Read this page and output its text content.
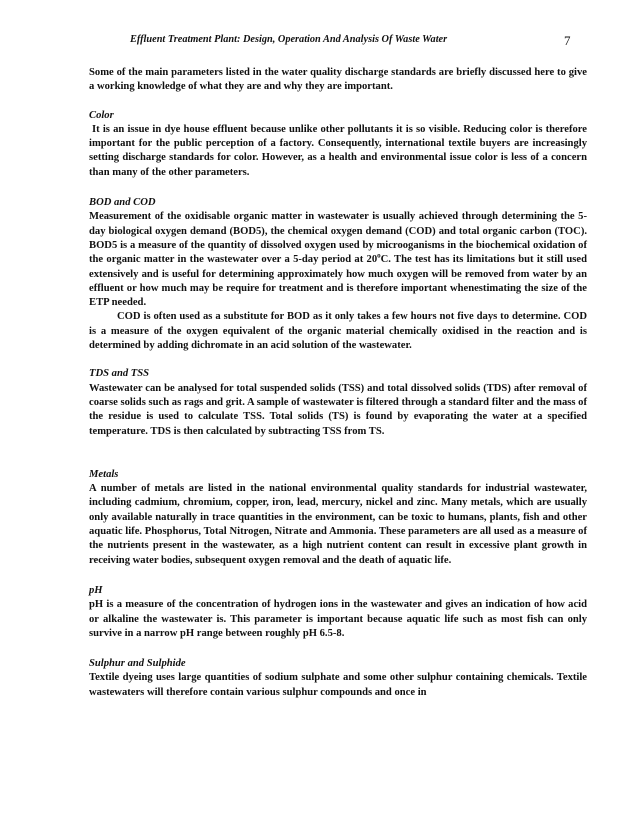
Effluent Treatment Plant: Design, Operation And Analysis Of Waste Water	7

Some of the main parameters listed in the water quality discharge standards are briefly discussed here to give a working knowledge of what they are and why they are important.

Color

It is an issue in dye house effluent because unlike other pollutants it is so visible. Reducing color is therefore important for the public perception of a factory. Consequently, international textile buyers are increasingly setting discharge standards for color. However, as a health and environmental issue color is less of a concern than many of the other parameters.

BOD and COD

Measurement of the oxidisable organic matter in wastewater is usually achieved through determining the 5-day biological oxygen demand (BOD5), the chemical oxygen demand (COD) and total organic carbon (TOC). BOD5 is a measure of the quantity of dissolved oxygen used by microoganisms in the biochemical oxidation of the organic matter in the wastewater over a 5-day period at 20$^o$C. The test has its limitations but it still used extensively and is useful for determining approximately how much oxygen will be removed from water by an effluent or how much may be require for treatment and is therefore important whenestimating the size of the ETP needed.

COD is often used as a substitute for BOD as it only takes a few hours not five days to determine. COD is a measure of the oxygen equivalent of the organic material chemically oxidised in the reaction and is determined by adding dichromate in an acid solution of the wastewater.

TDS and TSS

Wastewater can be analysed for total suspended solids (TSS) and total dissolved solids (TDS) after removal of coarse solids such as rags and grit. A sample of wastewater is filtered through a standard filter and the mass of the residue is used to calculate TSS. Total solids (TS) is found by evaporating the water at a specified temperature. TDS is then calculated by subtracting TSS from TS.

Metals

A number of metals are listed in the national environmental quality standards for industrial wastewater, including cadmium, chromium, copper, iron, lead, mercury, nickel and zinc. Many metals, which are usually only available naturally in trace quantities in the environment, can be toxic to humans, plants, fish and other aquatic life. Phosphorus, Total Nitrogen, Nitrate and Ammonia. These parameters are all used as a measure of the nutrients present in the wastewater, as a high nutrient content can result in excessive plant growth in receiving water bodies, subsequent oxygen removal and the death of aquatic life.

pH

pH is a measure of the concentration of hydrogen ions in the wastewater and gives an indication of how acid or alkaline the wastewater is. This parameter is important because aquatic life such as most fish can only survive in a narrow pH range between roughly pH 6.5-8.

Sulphur and Sulphide

Textile dyeing uses large quantities of sodium sulphate and some other sulphur containing chemicals. Textile wastewaters will therefore contain various sulphur compounds and once in
